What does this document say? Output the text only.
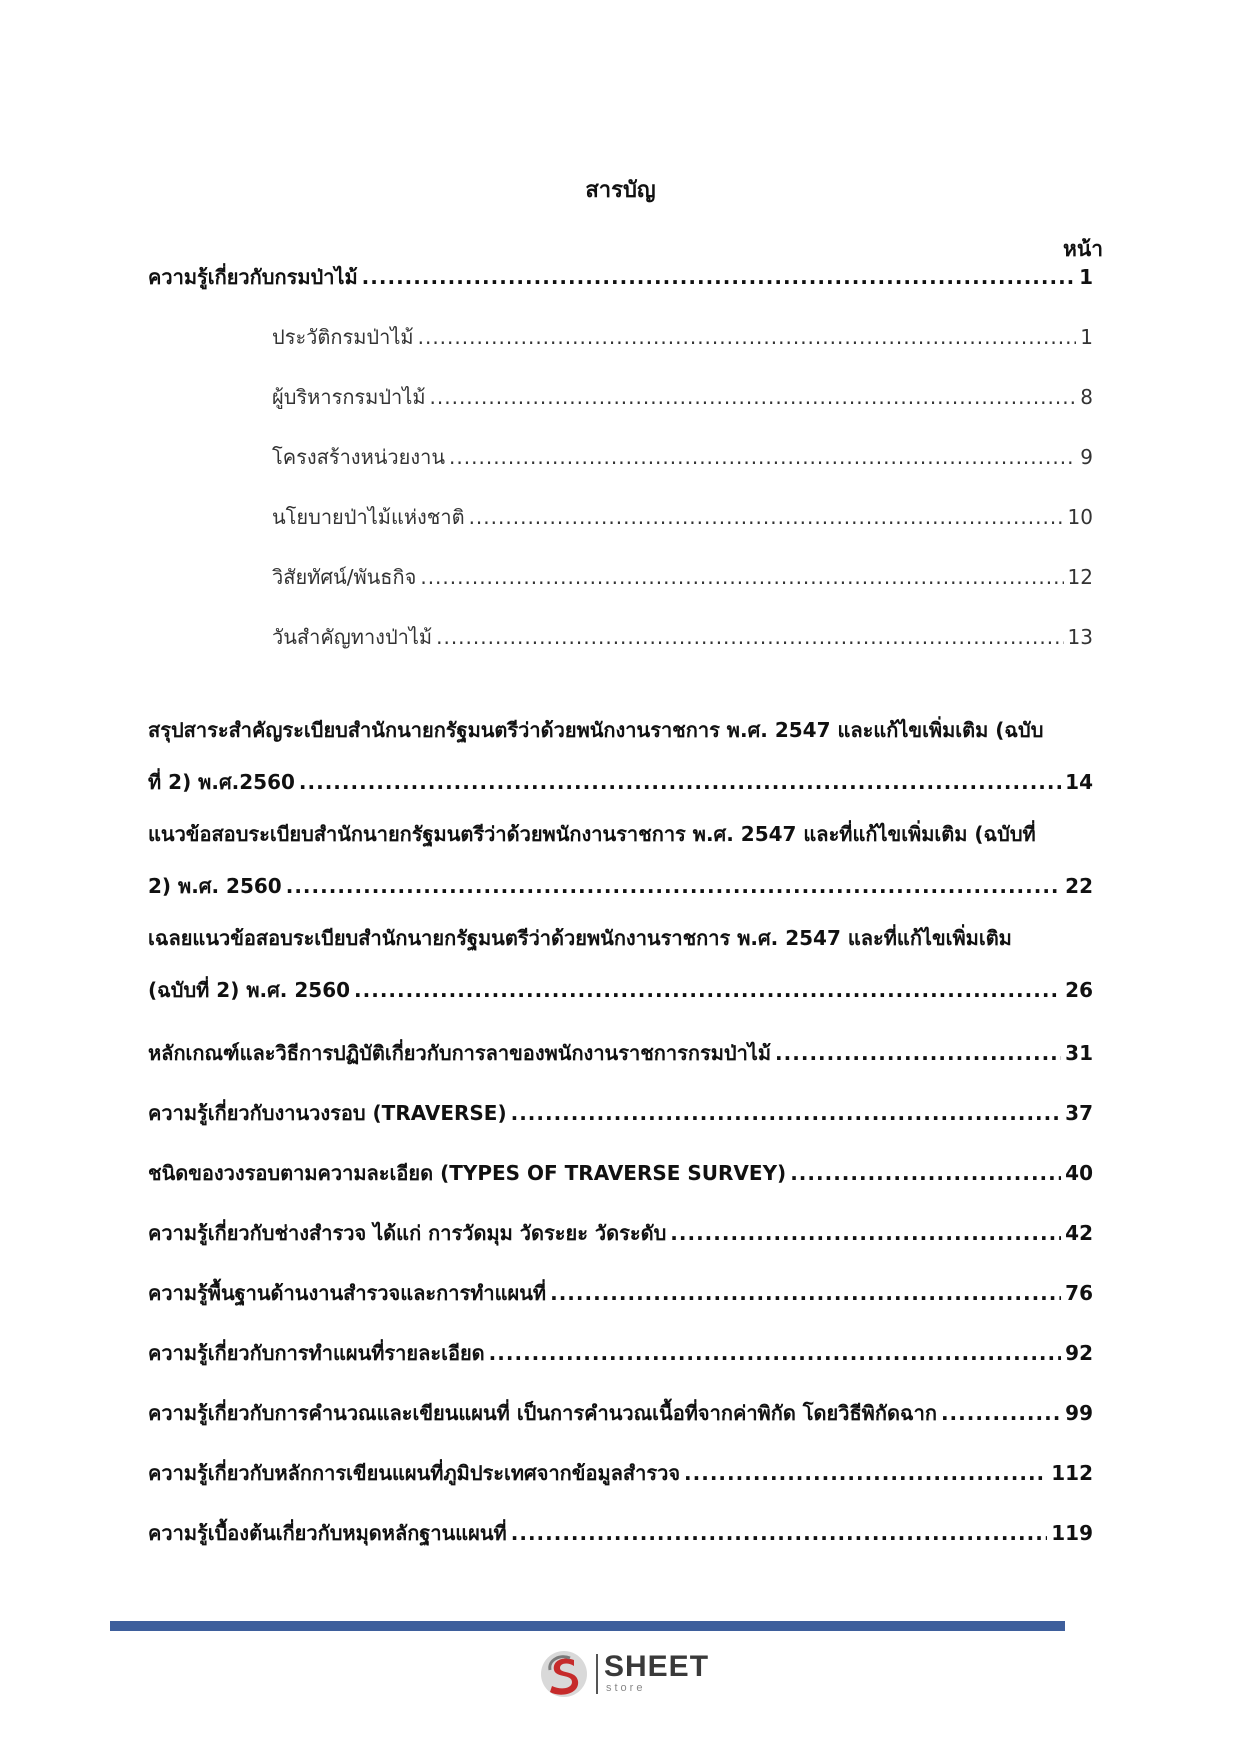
สารบัญ
หน้า
ความรู้เกี่ยวกับกรมป่าไม้ .....	1
ประวัติกรมป่าไม้ .....	1
ผู้บริหารกรมป่าไม้ .....	8
โครงสร้างหน่วยงาน .....	9
นโยบายป่าไม้แห่งชาติ .....	10
วิสัยทัศน์/พันธกิจ .....	12
วันสำคัญทางป่าไม้ .....	13
สรุปสาระสำคัญระเบียบสำนักนายกรัฐมนตรีว่าด้วยพนักงานราชการ พ.ศ. 2547 และแก้ไขเพิ่มเติม (ฉบับ
ที่ 2) พ.ศ.2560 .....	14
แนวข้อสอบระเบียบสำนักนายกรัฐมนตรีว่าด้วยพนักงานราชการ พ.ศ. 2547 และที่แก้ไขเพิ่มเติม (ฉบับที่
2) พ.ศ. 2560 .....	22
เฉลยแนวข้อสอบระเบียบสำนักนายกรัฐมนตรีว่าด้วยพนักงานราชการ พ.ศ. 2547 และที่แก้ไขเพิ่มเติม
(ฉบับที่ 2) พ.ศ. 2560 .....	26
หลักเกณฑ์และวิธีการปฏิบัติเกี่ยวกับการลาของพนักงานราชการกรมป่าไม้ .....	31
ความรู้เกี่ยวกับงานวงรอบ (TRAVERSE) .....	37
ชนิดของวงรอบตามความละเอียด (TYPES OF TRAVERSE SURVEY) .....	40
ความรู้เกี่ยวกับช่างสำรวจ ได้แก่ การวัดมุม วัดระยะ วัดระดับ .....	42
ความรู้พื้นฐานด้านงานสำรวจและการทำแผนที่ .....	76
ความรู้เกี่ยวกับการทำแผนที่รายละเอียด .....	92
ความรู้เกี่ยวกับการคำนวณและเขียนแผนที่ เป็นการคำนวณเนื้อที่จากค่าพิกัด โดยวิธีพิกัดฉาก .....	99
ความรู้เกี่ยวกับหลักการเขียนแผนที่ภูมิประเทศจากข้อมูลสำรวจ .....	112
ความรู้เบื้องต้นเกี่ยวกับหมุดหลักฐานแผนที่ .....	119
SHEET
store
